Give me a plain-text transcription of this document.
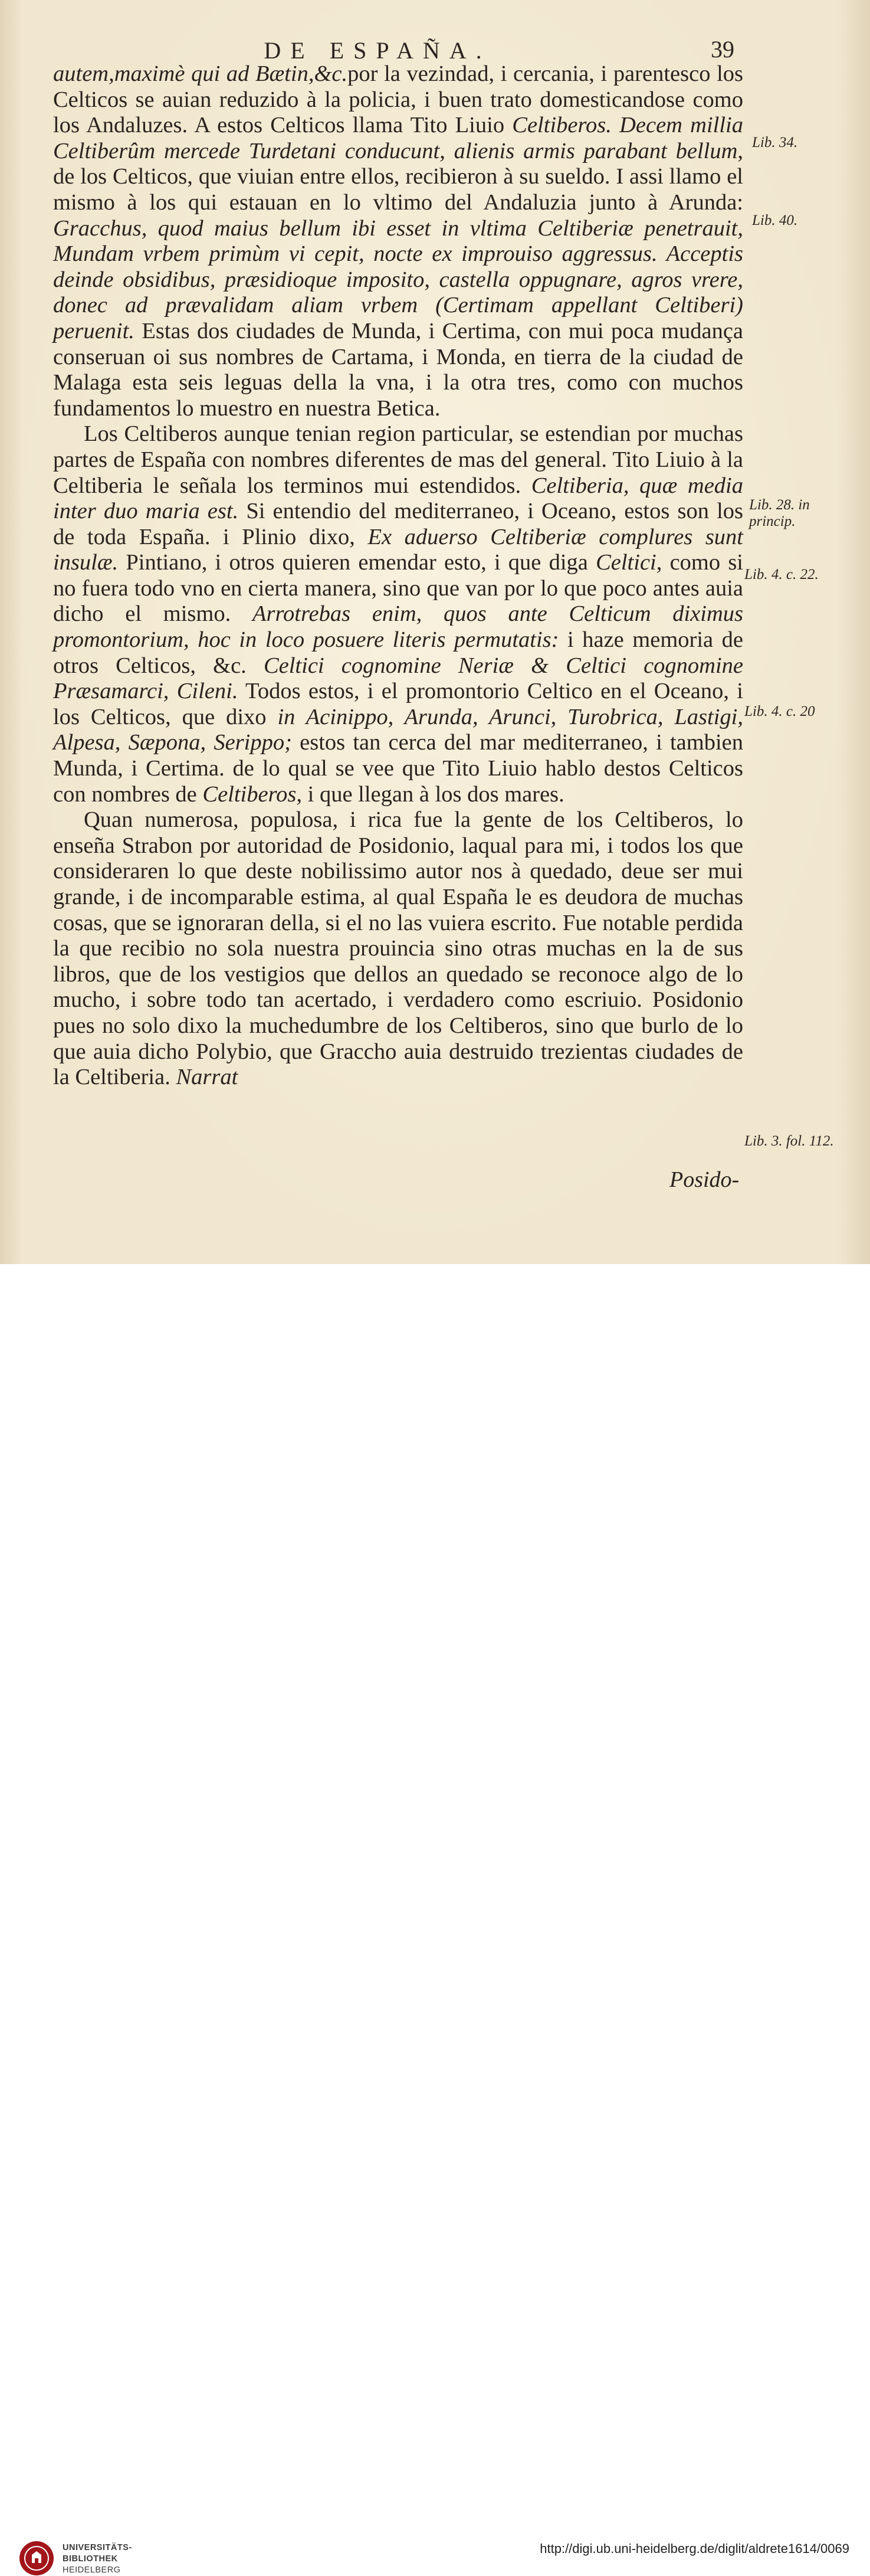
DE ESPAÑA.	39

autem,maximè qui ad Bætin,&c.por la vezindad, i cercania, i parentesco los Celticos se auian reduzido à la policia, i buen trato domesticandose como los Andaluzes. A estos Celticos llama Tito Liuio Celtiberos. Decem millia Celtiberûm mercede Turdetani conducunt, alienis armis parabant bellum, de los Celticos, que viuian entre ellos, recibieron à su sueldo. I assi llamo el mismo à los qui estauan en lo vltimo del Andaluzia junto à Arunda: Gracchus, quod maius bellum ibi esset in vltima Celtiberiæ penetrauit, Mundam vrbem primùm vi cepit, nocte ex improuiso aggressus. Acceptis deinde obsidibus, præsidioque imposito, castella oppugnare, agros vrere, donec ad prævalidam aliam vrbem (Certimam appellant Celtiberi) peruenit. Estas dos ciudades de Munda, i Certima, con mui poca mudança conseruan oi sus nombres de Cartama, i Monda, en tierra de la ciudad de Malaga esta seis leguas della la vna, i la otra tres, como con muchos fundamentos lo muestro en nuestra Betica.

Los Celtiberos aunque tenian region particular, se estendian por muchas partes de España con nombres diferentes de mas del general. Tito Liuio à la Celtiberia le señala los terminos mui estendidos. Celtiberia, quæ media inter duo maria est. Si entendio del mediterraneo, i Oceano, estos son los de toda España. i Plinio dixo, Ex aduerso Celtiberiæ complures sunt insulæ. Pintiano, i otros quieren emendar esto, i que diga Celtici, como si no fuera todo vno en cierta manera, sino que van por lo que poco antes auia dicho el mismo. Arrotrebas enim, quos ante Celticum diximus promontorium, hoc in loco posuere literis permutatis: i haze memoria de otros Celticos, &c. Celtici cognomine Neriæ & Celtici cognomine Præsamarci, Cileni. Todos estos, i el promontorio Celtico en el Oceano, i los Celticos, que dixo in Acinippo, Arunda, Arunci, Turobrica, Lastigi, Alpesa, Sæpona, Serippo; estos tan cerca del mar mediterraneo, i tambien Munda, i Certima. de lo qual se vee que Tito Liuio hablo destos Celticos con nombres de Celtiberos, i que llegan à los dos mares.

Quan numerosa, populosa, i rica fue la gente de los Celtiberos, lo enseña Strabon por autoridad de Posidonio, laqual para mi, i todos los que consideraren lo que deste nobilissimo autor nos à quedado, deue ser mui grande, i de incomparable estima, al qual España le es deudora de muchas cosas, que se ignoraran della, si el no las vuiera escrito. Fue notable perdida la que recibio no sola nuestra prouincia sino otras muchas en la de sus libros, que de los vestigios que dellos an quedado se reconoce algo de lo mucho, i sobre todo tan acertado, i verdadero como escriuio. Posidonio pues no solo dixo la muchedumbre de los Celtiberos, sino que burlo de lo que auia dicho Polybio, que Graccho auia destruido trezientas ciudades de la Celtiberia. Narrat

Posido-
Lib. 34.
Lib. 40.
Lib. 28. in princip.
Lib. 4. c. 22.
Lib. 4. c. 20
Lib. 3. fol. 112.
UNIVERSITÄTS-
BIBLIOTHEK
HEIDELBERG
http://digi.ub.uni-heidelberg.de/diglit/aldrete1614/0069
